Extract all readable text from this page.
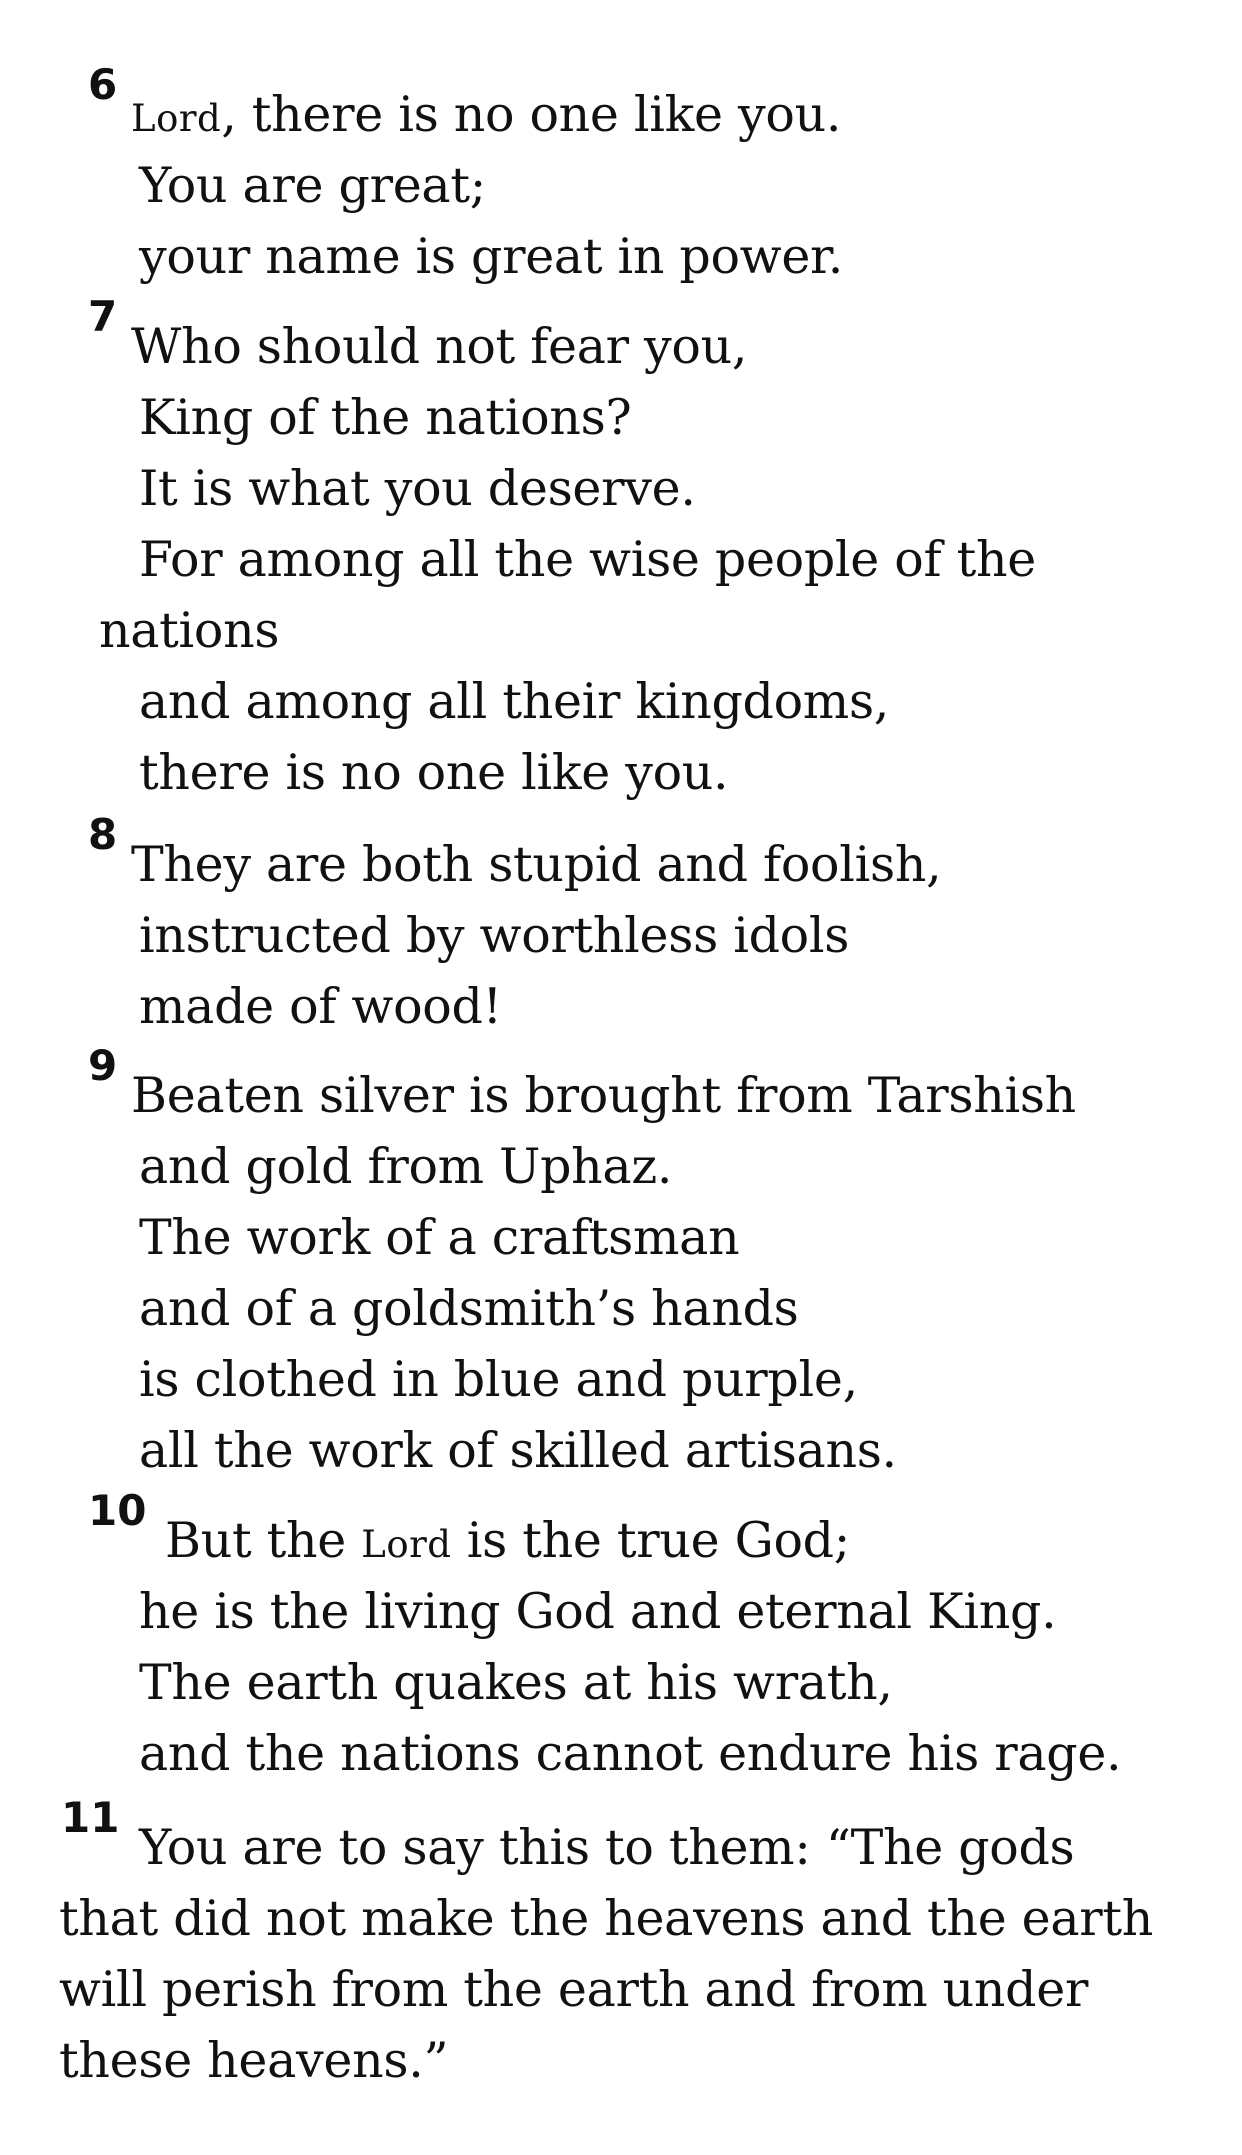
6
Lord, there is no one like you.
You are great;
your name is great in power.
7
Who should not fear you,
King of the nations?
It is what you deserve.
For among all the wise people of the
nations
and among all their kingdoms,
there is no one like you.
8
They are both stupid and foolish,
instructed by worthless idols
made of wood!
9
Beaten silver is brought from Tarshish
and gold from Uphaz.
The work of a craftsman
and of a goldsmith’s hands
is clothed in blue and purple,
all the work of skilled artisans.
10
But the Lord is the true God;
he is the living God and eternal King.
The earth quakes at his wrath,
and the nations cannot endure his rage.
11
You are to say this to them: “The gods
that did not make the heavens and the earth
will perish from the earth and from under
these heavens.”
